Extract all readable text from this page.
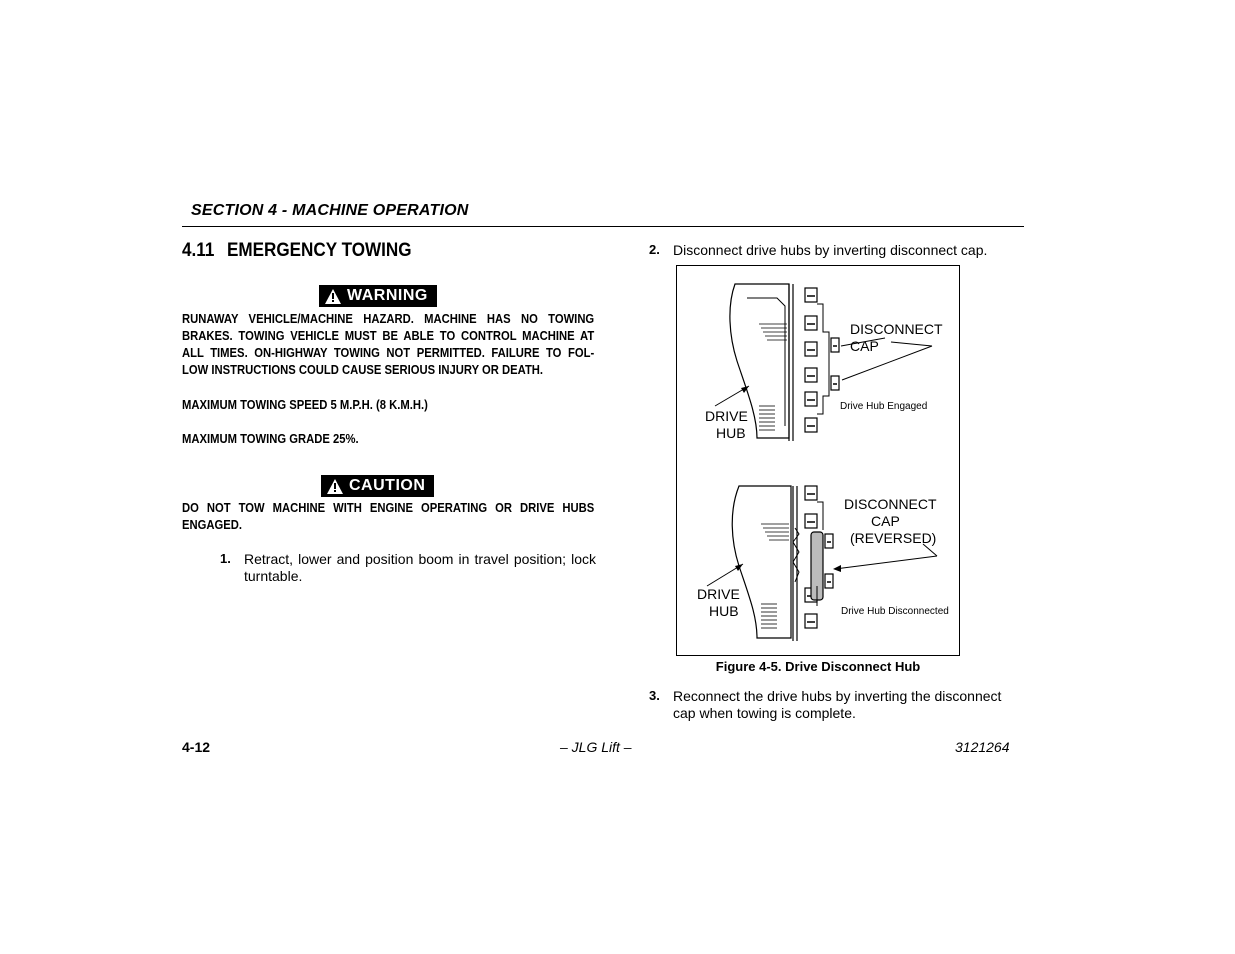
SECTION 4 - MACHINE OPERATION
4.11 EMERGENCY TOWING
WARNING
RUNAWAY VEHICLE/MACHINE HAZARD. MACHINE HAS NO TOWING
BRAKES. TOWING VEHICLE MUST BE ABLE TO CONTROL MACHINE AT
ALL TIMES. ON-HIGHWAY TOWING NOT PERMITTED. FAILURE TO FOL-
LOW INSTRUCTIONS COULD CAUSE SERIOUS INJURY OR DEATH.
MAXIMUM TOWING SPEED 5 M.P.H. (8 K.M.H.)
MAXIMUM TOWING GRADE 25%.
CAUTION
DO NOT TOW MACHINE WITH ENGINE OPERATING OR DRIVE HUBS
ENGAGED.
1. Retract, lower and position boom in travel position; lock
turntable.
2. Disconnect drive hubs by inverting disconnect cap.
DISCONNECT
CAP
DRIVE
HUB
Drive Hub Engaged
DISCONNECT
CAP
(REVERSED)
DRIVE
HUB	Drive Hub Disconnected
Figure 4-5. Drive Disconnect Hub
3. Reconnect the drive hubs by inverting the disconnect
cap when towing is complete.
4-12	– JLG Lift –	3121264
